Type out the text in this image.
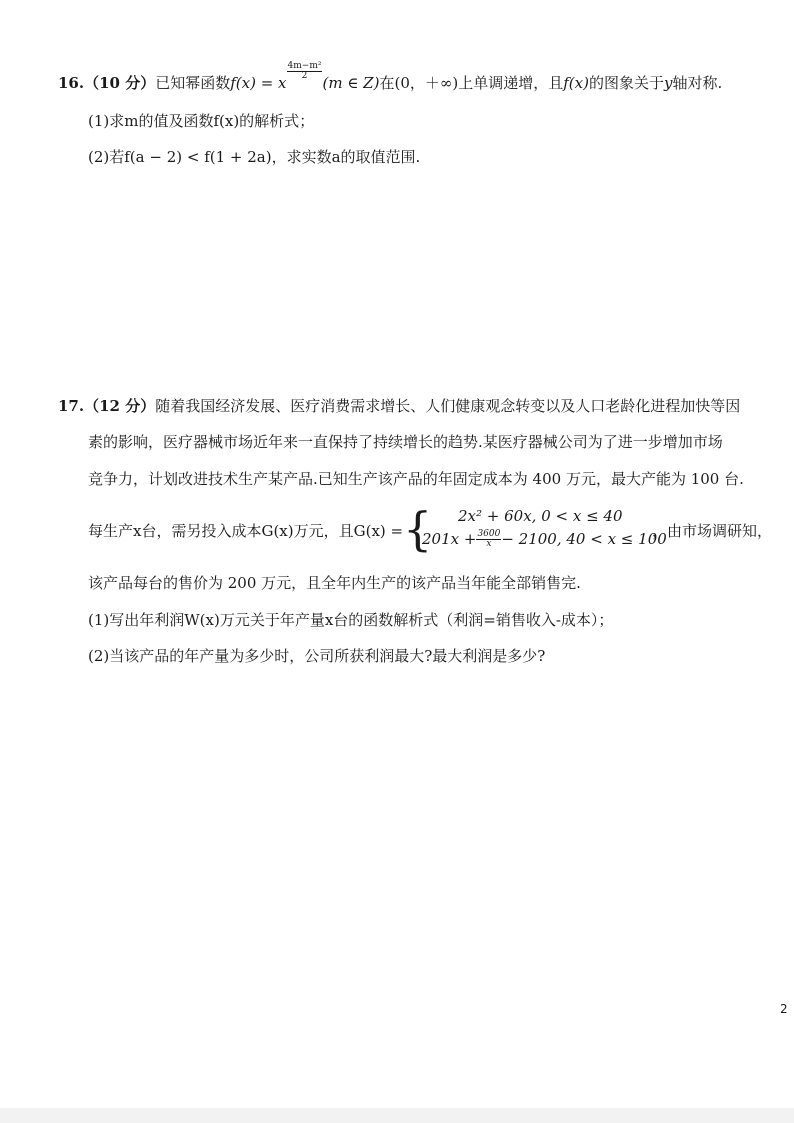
16.（10 分）已知幂函数f(x) = x
$\frac{\text{4m−m²}}{2}$
(m ∈ Z)在(0，＋∞)上单调递增，且f(x)的图象关于y轴对称.
(1)求m的值及函数f(x)的解析式；
(2)若f(a − 2) < f(1 + 2a)，求实数a的取值范围.
17.（12 分）随着我国经济发展、医疗消费需求增长、人们健康观念转变以及人口老龄化进程加快等因
素的影响，医疗器械市场近年来一直保持了持续增长的趋势.某医疗器械公司为了进一步增加市场
竞争力，计划改进技术生产某产品.已知生产该产品的年固定成本为 400 万元，最大产能为 100 台.
每生产x台，需另投入成本G(x)万元，且G(x) = { 2x² + 60x, 0 < x ≤ 40
$201x + \frac{3600}{x} - 2100$, 40 < x ≤ 100
，由市场调研知，
该产品每台的售价为 200 万元，且全年内生产的该产品当年能全部销售完.
(1)写出年利润W(x)万元关于年产量x台的函数解析式（利润=销售收入-成本）；
(2)当该产品的年产量为多少时，公司所获利润最大?最大利润是多少?
2
